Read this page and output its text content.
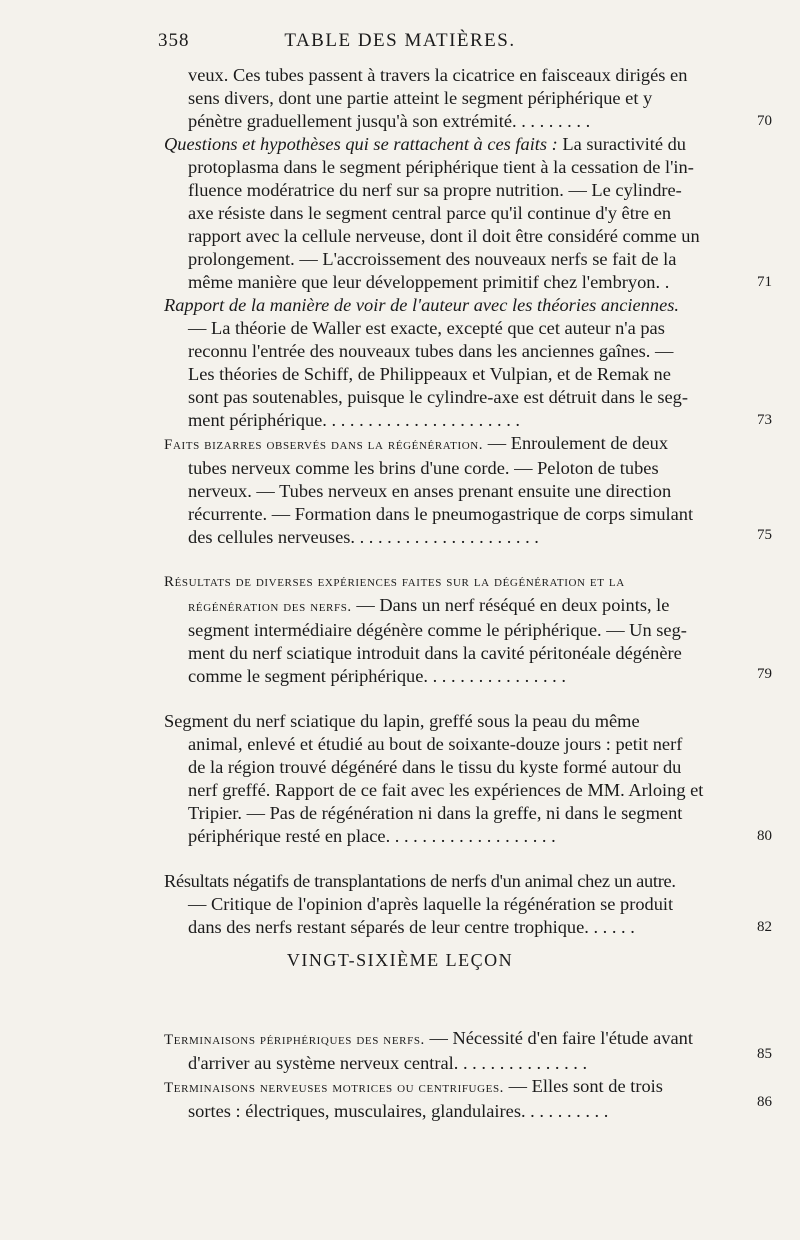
358	TABLE DES MATIÈRES.
veux. Ces tubes passent à travers la cicatrice en faisceaux dirigés en
sens divers, dont une partie atteint le segment périphérique et y
pénètre graduellement jusqu'à son extrémité. . . . . . . . .	70
Questions et hypothèses qui se rattachent à ces faits : La suractivité du
protoplasma dans le segment périphérique tient à la cessation de l'in-
fluence modératrice du nerf sur sa propre nutrition. — Le cylindre-
axe résiste dans le segment central parce qu'il continue d'y être en
rapport avec la cellule nerveuse, dont il doit être considéré comme un
prolongement. — L'accroissement des nouveaux nerfs se fait de la
même manière que leur développement primitif chez l'embryon. .	71
Rapport de la manière de voir de l'auteur avec les théories anciennes.
— La théorie de Waller est exacte, excepté que cet auteur n'a pas
reconnu l'entrée des nouveaux tubes dans les anciennes gaînes. —
Les théories de Schiff, de Philippeaux et Vulpian, et de Remak ne
sont pas soutenables, puisque le cylindre-axe est détruit dans le seg-
ment périphérique. . . . . . . . . . . . . . . . . . . . . .	73
Faits bizarres observés dans la régénération. — Enroulement de deux
tubes nerveux comme les brins d'une corde. — Peloton de tubes
nerveux. — Tubes nerveux en anses prenant ensuite une direction
récurrente. — Formation dans le pneumogastrique de corps simulant
des cellules nerveuses. . . . . . . . . . . . . . . . . . . . .	75
Résultats de diverses expériences faites sur la dégénération et la
régénération des nerfs. — Dans un nerf réséqué en deux points, le
segment intermédiaire dégénère comme le périphérique. — Un seg-
ment du nerf sciatique introduit dans la cavité péritonéale dégénère
comme le segment périphérique. . . . . . . . . . . . . . . .	79
Segment du nerf sciatique du lapin, greffé sous la peau du même
animal, enlevé et étudié au bout de soixante-douze jours : petit nerf
de la région trouvé dégénéré dans le tissu du kyste formé autour du
nerf greffé. Rapport de ce fait avec les expériences de MM. Arloing et
Tripier. — Pas de régénération ni dans la greffe, ni dans le segment
périphérique resté en place. . . . . . . . . . . . . . . . . . .	80
Résultats négatifs de transplantations de nerfs d'un animal chez un autre.
— Critique de l'opinion d'après laquelle la régénération se produit
dans des nerfs restant séparés de leur centre trophique. . . . . .	82
VINGT-SIXIÈME LEÇON
Terminaisons périphériques des nerfs. — Nécessité d'en faire l'étude avant
d'arriver au système nerveux central. . . . . . . . . . . . . . .	85
Terminaisons nerveuses motrices ou centrifuges. — Elles sont de trois
sortes : électriques, musculaires, glandulaires. . . . . . . . . .	86
